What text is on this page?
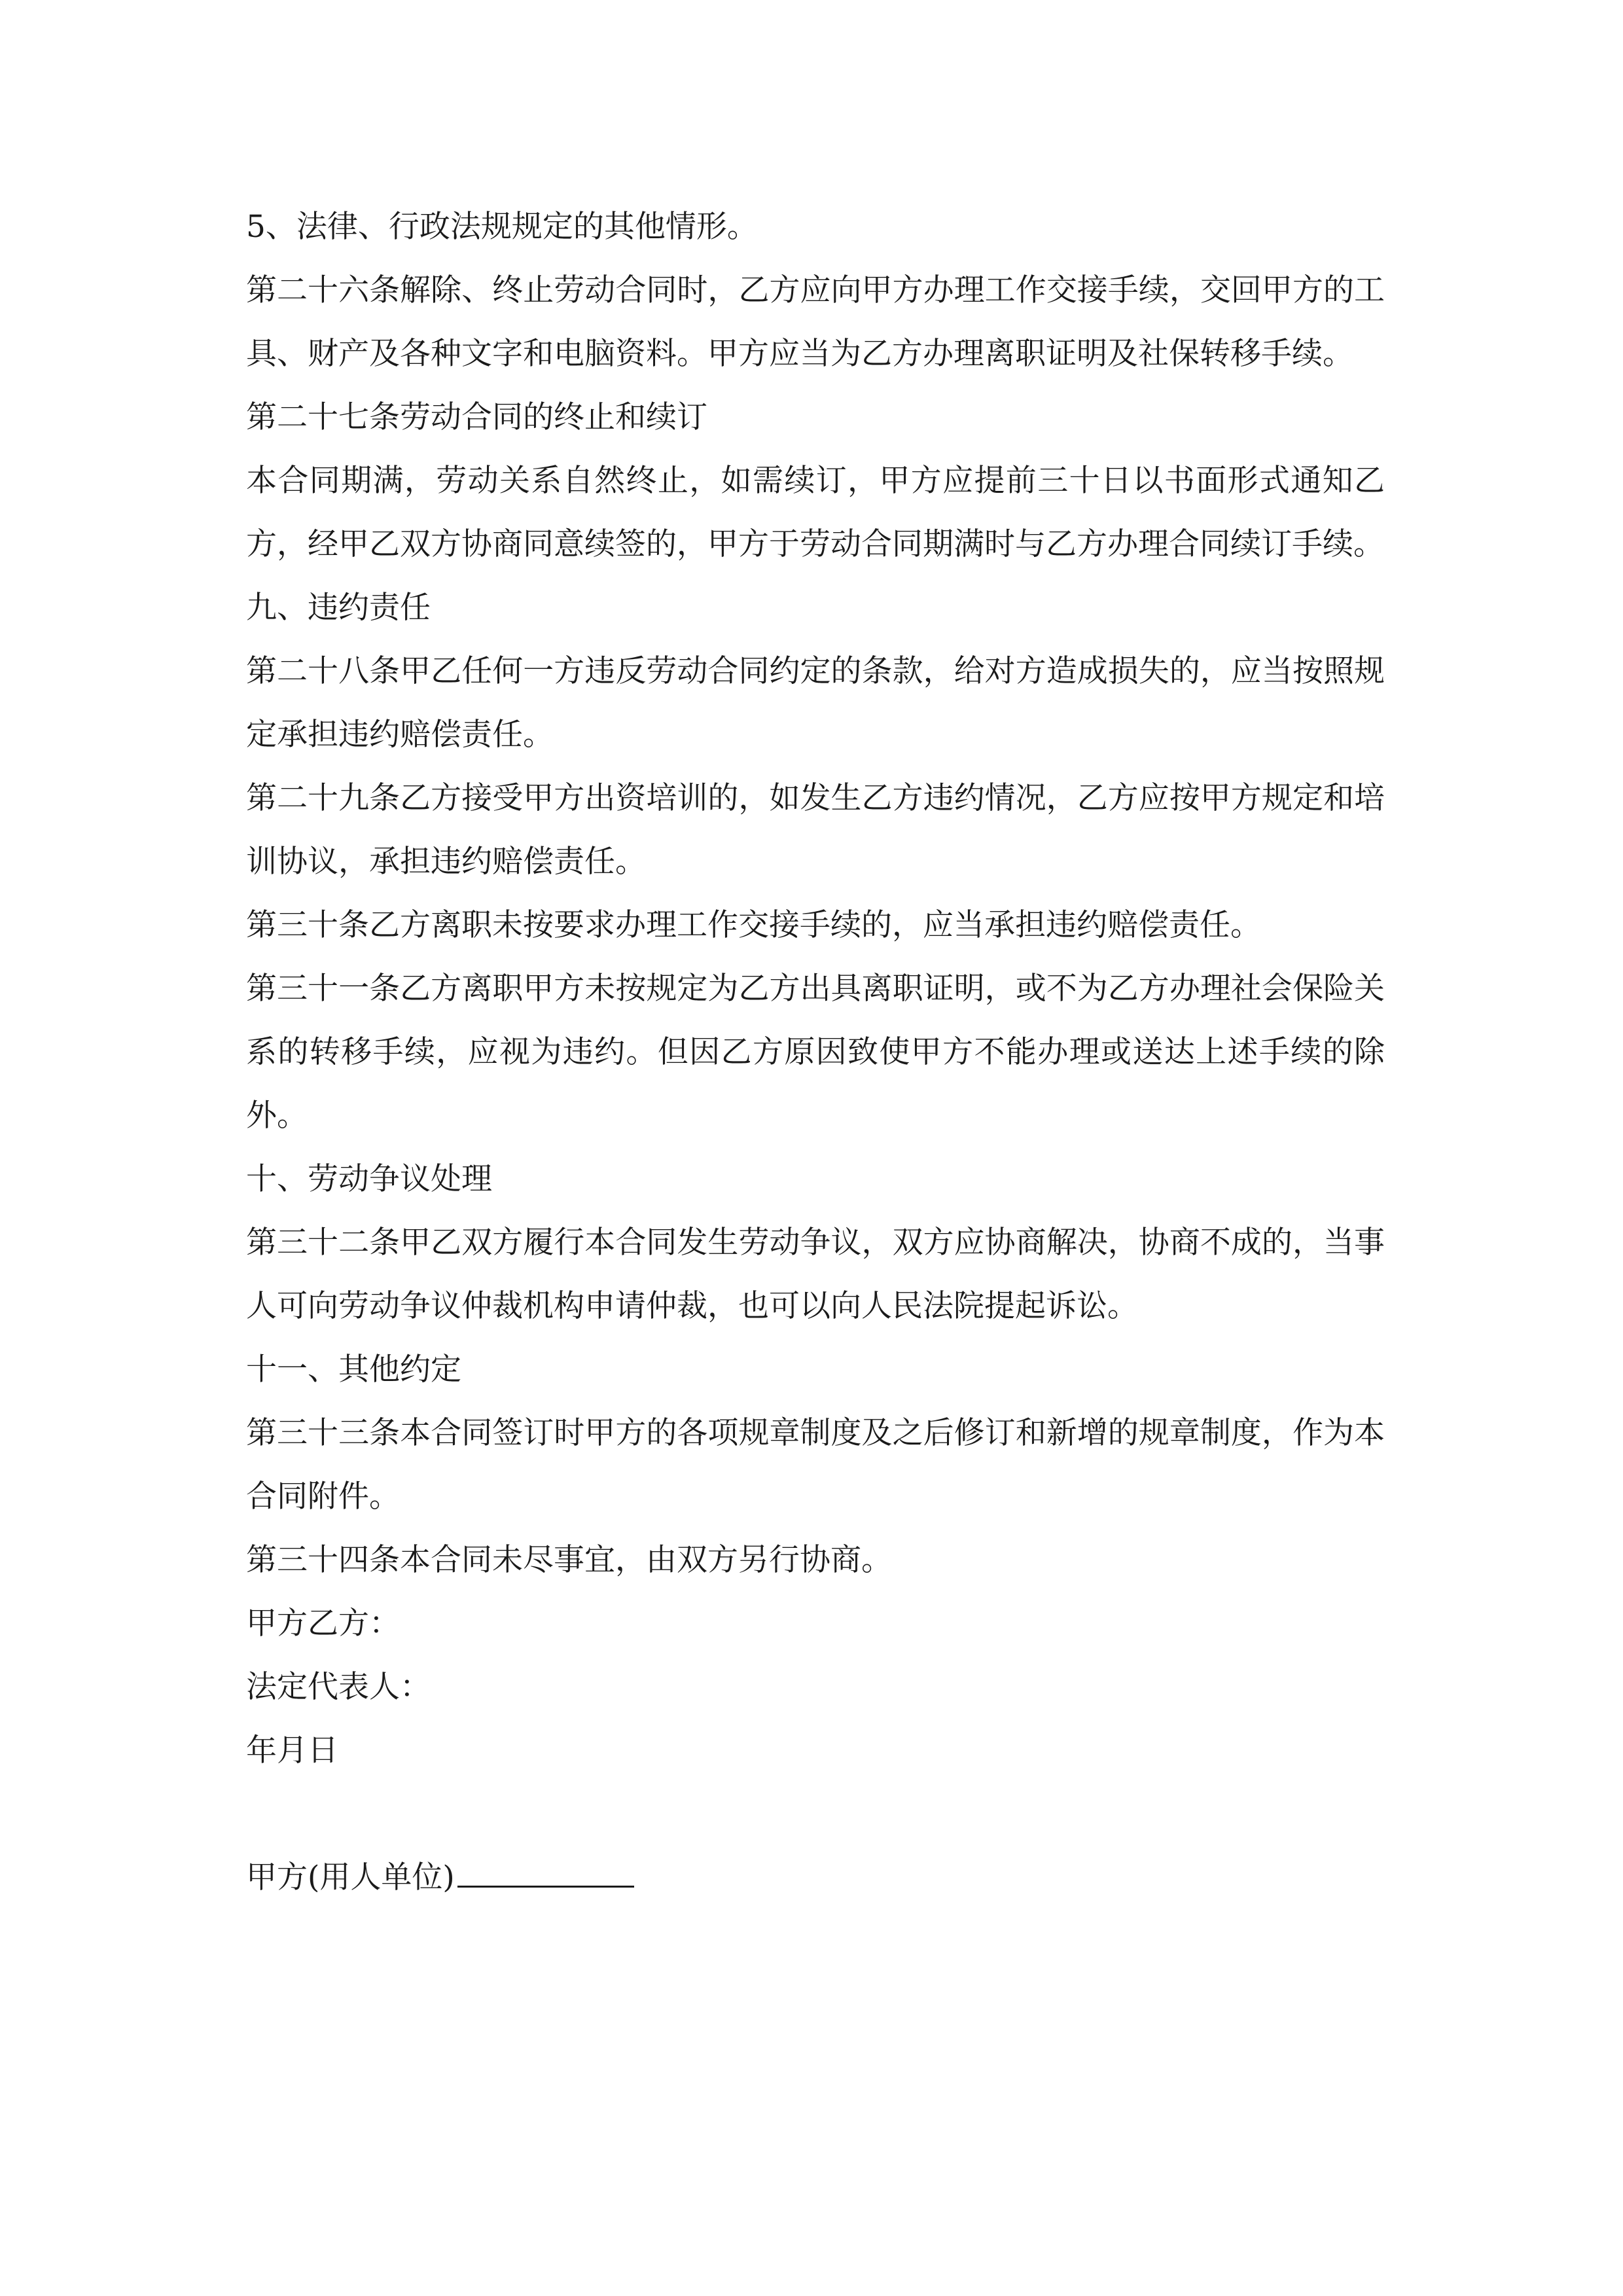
5、法律、行政法规规定的其他情形。

第二十六条解除、终止劳动合同时，乙方应向甲方办理工作交接手续，交回甲方的工具、财产及各种文字和电脑资料。甲方应当为乙方办理离职证明及社保转移手续。

第二十七条劳动合同的终止和续订

本合同期满，劳动关系自然终止，如需续订，甲方应提前三十日以书面形式通知乙方，经甲乙双方协商同意续签的，甲方于劳动合同期满时与乙方办理合同续订手续。

九、违约责任

第二十八条甲乙任何一方违反劳动合同约定的条款，给对方造成损失的，应当按照规定承担违约赔偿责任。

第二十九条乙方接受甲方出资培训的，如发生乙方违约情况，乙方应按甲方规定和培训协议，承担违约赔偿责任。

第三十条乙方离职未按要求办理工作交接手续的，应当承担违约赔偿责任。

第三十一条乙方离职甲方未按规定为乙方出具离职证明，或不为乙方办理社会保险关系的转移手续，应视为违约。但因乙方原因致使甲方不能办理或送达上述手续的除外。

十、劳动争议处理

第三十二条甲乙双方履行本合同发生劳动争议，双方应协商解决，协商不成的，当事人可向劳动争议仲裁机构申请仲裁，也可以向人民法院提起诉讼。

十一、其他约定

第三十三条本合同签订时甲方的各项规章制度及之后修订和新增的规章制度，作为本合同附件。

第三十四条本合同未尽事宜，由双方另行协商。

甲方乙方：

法定代表人：

年月日

甲方(用人单位)
